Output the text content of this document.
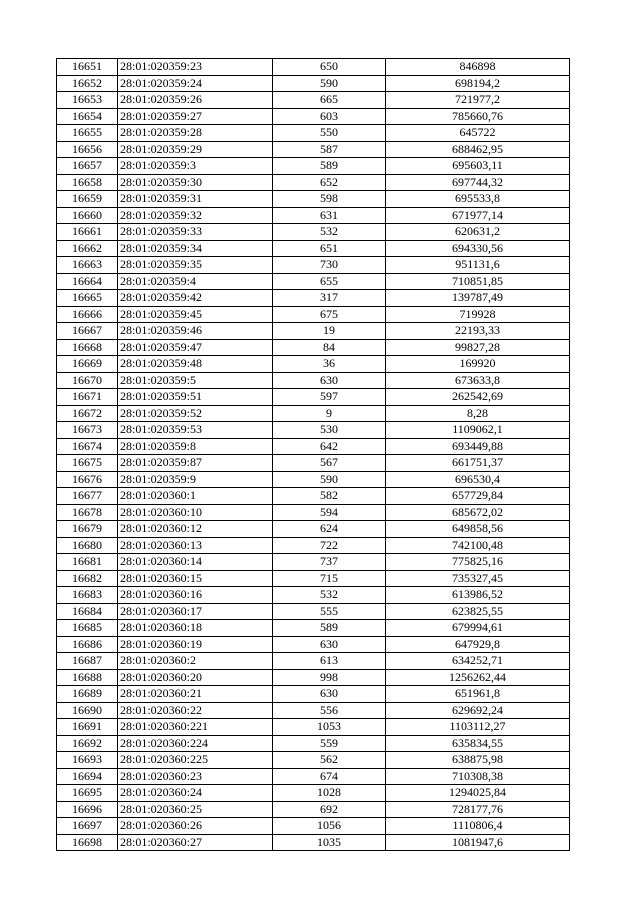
16651	28:01:020359:23	650	846898
16652	28:01:020359:24	590	698194,2
16653	28:01:020359:26	665	721977,2
16654	28:01:020359:27	603	785660,76
16655	28:01:020359:28	550	645722
16656	28:01:020359:29	587	688462,95
16657	28:01:020359:3	589	695603,11
16658	28:01:020359:30	652	697744,32
16659	28:01:020359:31	598	695533,8
16660	28:01:020359:32	631	671977,14
16661	28:01:020359:33	532	620631,2
16662	28:01:020359:34	651	694330,56
16663	28:01:020359:35	730	951131,6
16664	28:01:020359:4	655	710851,85
16665	28:01:020359:42	317	139787,49
16666	28:01:020359:45	675	719928
16667	28:01:020359:46	19	22193,33
16668	28:01:020359:47	84	99827,28
16669	28:01:020359:48	36	169920
16670	28:01:020359:5	630	673633,8
16671	28:01:020359:51	597	262542,69
16672	28:01:020359:52	9	8,28
16673	28:01:020359:53	530	1109062,1
16674	28:01:020359:8	642	693449,88
16675	28:01:020359:87	567	661751,37
16676	28:01:020359:9	590	696530,4
16677	28:01:020360:1	582	657729,84
16678	28:01:020360:10	594	685672,02
16679	28:01:020360:12	624	649858,56
16680	28:01:020360:13	722	742100,48
16681	28:01:020360:14	737	775825,16
16682	28:01:020360:15	715	735327,45
16683	28:01:020360:16	532	613986,52
16684	28:01:020360:17	555	623825,55
16685	28:01:020360:18	589	679994,61
16686	28:01:020360:19	630	647929,8
16687	28:01:020360:2	613	634252,71
16688	28:01:020360:20	998	1256262,44
16689	28:01:020360:21	630	651961,8
16690	28:01:020360:22	556	629692,24
16691	28:01:020360:221	1053	1103112,27
16692	28:01:020360:224	559	635834,55
16693	28:01:020360:225	562	638875,98
16694	28:01:020360:23	674	710308,38
16695	28:01:020360:24	1028	1294025,84
16696	28:01:020360:25	692	728177,76
16697	28:01:020360:26	1056	1110806,4
16698	28:01:020360:27	1035	1081947,6
